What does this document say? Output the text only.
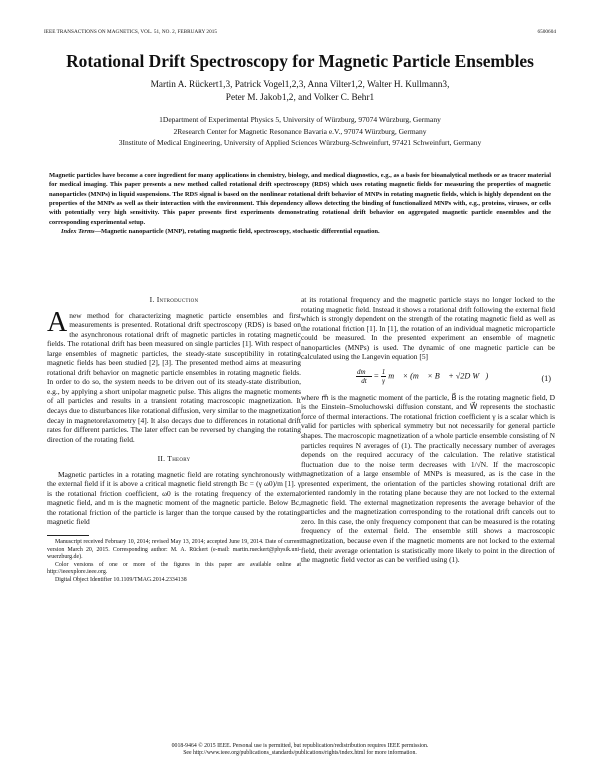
IEEE TRANSACTIONS ON MAGNETICS, VOL. 51, NO. 2, FEBRUARY 2015	6500604
Rotational Drift Spectroscopy for Magnetic Particle Ensembles
Martin A. Rückert1,3, Patrick Vogel1,2,3, Anna Vilter1,2, Walter H. Kullmann3,
Peter M. Jakob1,2, and Volker C. Behr1
1Department of Experimental Physics 5, University of Würzburg, 97074 Würzburg, Germany
2Research Center for Magnetic Resonance Bavaria e.V., 97074 Würzburg, Germany
3Institute of Medical Engineering, University of Applied Sciences Würzburg-Schweinfurt, 97421 Schweinfurt, Germany

Magnetic particles have become a core ingredient for many applications in chemistry, biology, and medical diagnostics, e.g., as a basis for bioanalytical methods or as tracer material for medical imaging. This paper presents a new method called rotational drift spectroscopy (RDS) which uses rotating magnetic fields for measuring the properties of magnetic nanoparticles (MNPs) in liquid suspensions. The RDS signal is based on the nonlinear rotational drift behavior of MNPs in rotating magnetic fields, which is highly dependent on the properties of the MNPs as well as their interaction with the environment. This dependency allows detecting the binding of functionalized MNPs with, e.g., proteins, viruses, or cells with potentially very high sensitivity. This paper presents first experiments demonstrating rotational drift behavior on aggregated magnetic particle ensembles and the corresponding experimental setup.

Index Terms—Magnetic nanoparticle (MNP), rotating magnetic field, spectroscopy, stochastic differential equation.

I. Introduction

Anew method for characterizing magnetic particle ensembles and first measurements is presented. Rotational drift spectroscopy (RDS) is based on the asynchronous rotational drift of magnetic particles in rotating magnetic fields. The rotational drift has been measured on single particles [1]. With respect of large ensembles of magnetic particles, the steady-state susceptibility in rotating magnetic fields has been studied [2], [3]. The presented method aims at measuring rotational drift behavior on magnetic particle ensembles in rotating magnetic fields. In order to do so, the system needs to be driven out of its steady-state distribution, e.g., by applying a short unipolar magnetic pulse. This aligns the magnetic moments of all particles and results in a transient rotating macroscopic magnetization. It decays due to disturbances like rotational diffusion, very similar to the magnetization decay in magnetorelaxometry [4]. It also decays due to differences in rotational drift rates for different particles. The later effect can be reversed by changing the rotating direction of the rotating field.

II. Theory

Magnetic particles in a rotating magnetic field are rotating synchronously with the external field if it is above a critical magnetic field strength Bc = (γ ω0)/m [1]. γ is the rotational friction coefficient, ω0 is the rotating frequency of the external magnetic field, and m is the magnetic moment of the magnetic particle. Below Bc, the rotational friction of the particle is larger than the torque caused by the rotating magnetic field

Manuscript received February 10, 2014; revised May 13, 2014; accepted June 19, 2014. Date of current version March 20, 2015. Corresponding author: M. A. Rückert (e-mail: martin.rueckert@physik.uni-wuerzburg.de).

Color versions of one or more of the figures in this paper are available online at http://ieeexplore.ieee.org.

Digital Object Identifier 10.1109/TMAG.2014.2334138

at its rotational frequency and the magnetic particle stays no longer locked to the rotating magnetic field. Instead it shows a rotational drift following the external field which is strongly dependent on the strength of the rotating magnetic field as well as the rotational friction [1]. In [1], the rotation of an individual magnetic microparticle could be measured. In the presented experiment an ensemble of magnetic nanoparticles (MNPs) is used. The dynamic of one magnetic particle can be calculated using the Langevin equation [5]

$\frac{dm⃗}{dt} = \frac{1}{\gamma}$ m⃗ × (m⃗ × B⃗ + √2D W⃗)	(1)

where m⃗ is the magnetic moment of the particle, B⃗ is the rotating magnetic field, D is the Einstein–Smoluchowski diffusion constant, and W⃗ represents the stochastic force of thermal interactions. The rotational friction coefficient γ is a scalar which is valid for particles with spherical symmetry but not necessarily for general particle shapes. The macroscopic magnetization of a whole particle ensemble consisting of N particles requires N averages of (1). The practically necessary number of averages depends on the required accuracy of the calculation. The relative statistical fluctuation due to the noise term decreases with 1/√N. If the macroscopic magnetization of a large ensemble of MNPs is measured, as is the case in the presented experiment, the orientation of the particles showing rotational drift are oriented randomly in the rotating plane because they are not locked to the external magnetic field. The external magnetization represents the average behavior of the particles and the magnetization corresponding to the rotational drift cancels out to zero. In this case, the only frequency component that can be measured is the rotating frequency of the external field. The ensemble still shows a macroscopic magnetization, because even if the magnetic moments are not locked to the external field, their average orientation is statistically more likely to point in the direction of the magnetic field vector as can be verified using (1).

0018-9464 © 2015 IEEE. Personal use is permitted, but republication/redistribution requires IEEE permission.
See http://www.ieee.org/publications_standards/publications/rights/index.html for more information.
